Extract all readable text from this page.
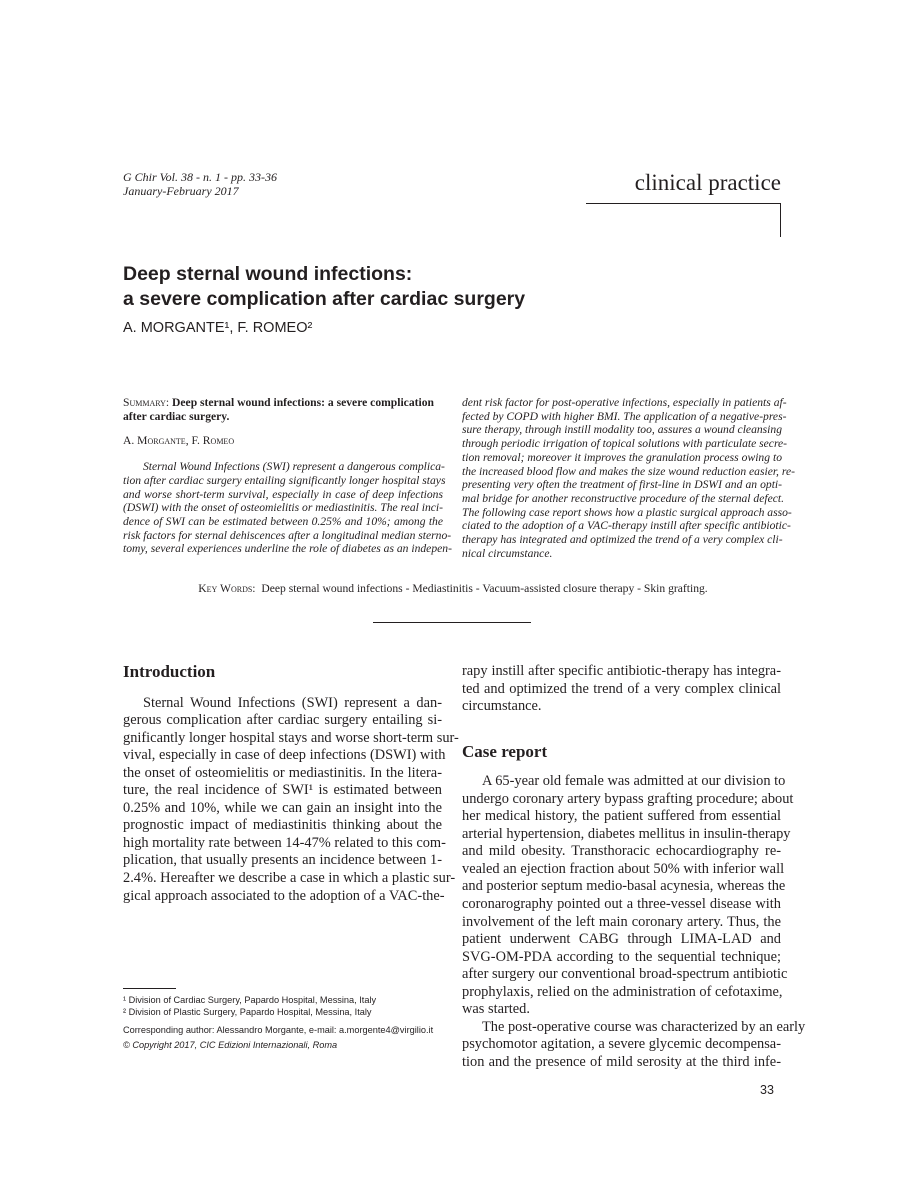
G Chir Vol. 38 - n. 1 - pp. 33-36
January-February 2017	clinical practice
Deep sternal wound infections:
a severe complication after cardiac surgery
A. MORGANTE¹, F. ROMEO²
Summary: Deep sternal wound infections: a severe complication
after cardiac surgery.
A. Morgante, F. Romeo
Sternal Wound Infections (SWI) represent a dangerous complica-
tion after cardiac surgery entailing significantly longer hospital stays
and worse short-term survival, especially in case of deep infections
(DSWI) with the onset of osteomielitis or mediastinitis. The real inci-
dence of SWI can be estimated between 0.25% and 10%; among the
risk factors for sternal dehiscences after a longitudinal median sterno-
tomy, several experiences underline the role of diabetes as an indepen-
dent risk factor for post-operative infections, especially in patients af-
fected by COPD with higher BMI. The application of a negative-pres-
sure therapy, through instill modality too, assures a wound cleansing
through periodic irrigation of topical solutions with particulate secre-
tion removal; moreover it improves the granulation process owing to
the increased blood flow and makes the size wound reduction easier, re-
presenting very often the treatment of first-line in DSWI and an opti-
mal bridge for another reconstructive procedure of the sternal defect.
The following case report shows how a plastic surgical approach asso-
ciated to the adoption of a VAC-therapy instill after specific antibiotic-
therapy has integrated and optimized the trend of a very complex cli-
nical circumstance.
Key Words: Deep sternal wound infections - Mediastinitis - Vacuum-assisted closure therapy - Skin grafting.
Introduction
Sternal Wound Infections (SWI) represent a dan-
gerous complication after cardiac surgery entailing si-
gnificantly longer hospital stays and worse short-term sur-
vival, especially in case of deep infections (DSWI) with
the onset of osteomielitis or mediastinitis. In the litera-
ture, the real incidence of SWI¹ is estimated between
0.25% and 10%, while we can gain an insight into the
prognostic impact of mediastinitis thinking about the
high mortality rate between 14-47% related to this com-
plication, that usually presents an incidence between 1-
2.4%. Hereafter we describe a case in which a plastic sur-
gical approach associated to the adoption of a VAC-the-
rapy instill after specific antibiotic-therapy has integra-
ted and optimized the trend of a very complex clinical
circumstance.
Case report
A 65-year old female was admitted at our division to
undergo coronary artery bypass grafting procedure; about
her medical history, the patient suffered from essential
arterial hypertension, diabetes mellitus in insulin-therapy
and mild obesity. Transthoracic echocardiography re-
vealed an ejection fraction about 50% with inferior wall
and posterior septum medio-basal acynesia, whereas the
coronarography pointed out a three-vessel disease with
involvement of the left main coronary artery. Thus, the
patient underwent CABG through LIMA-LAD and
SVG-OM-PDA according to the sequential technique;
after surgery our conventional broad-spectrum antibiotic
prophylaxis, relied on the administration of cefotaxime,
was started.
The post-operative course was characterized by an early
psychomotor agitation, a severe glycemic decompensa-
tion and the presence of mild serosity at the third infe-
¹ Division of Cardiac Surgery, Papardo Hospital, Messina, Italy
² Division of Plastic Surgery, Papardo Hospital, Messina, Italy
Corresponding author: Alessandro Morgante, e-mail: a.morgente4@virgilio.it
© Copyright 2017, CIC Edizioni Internazionali, Roma
33
